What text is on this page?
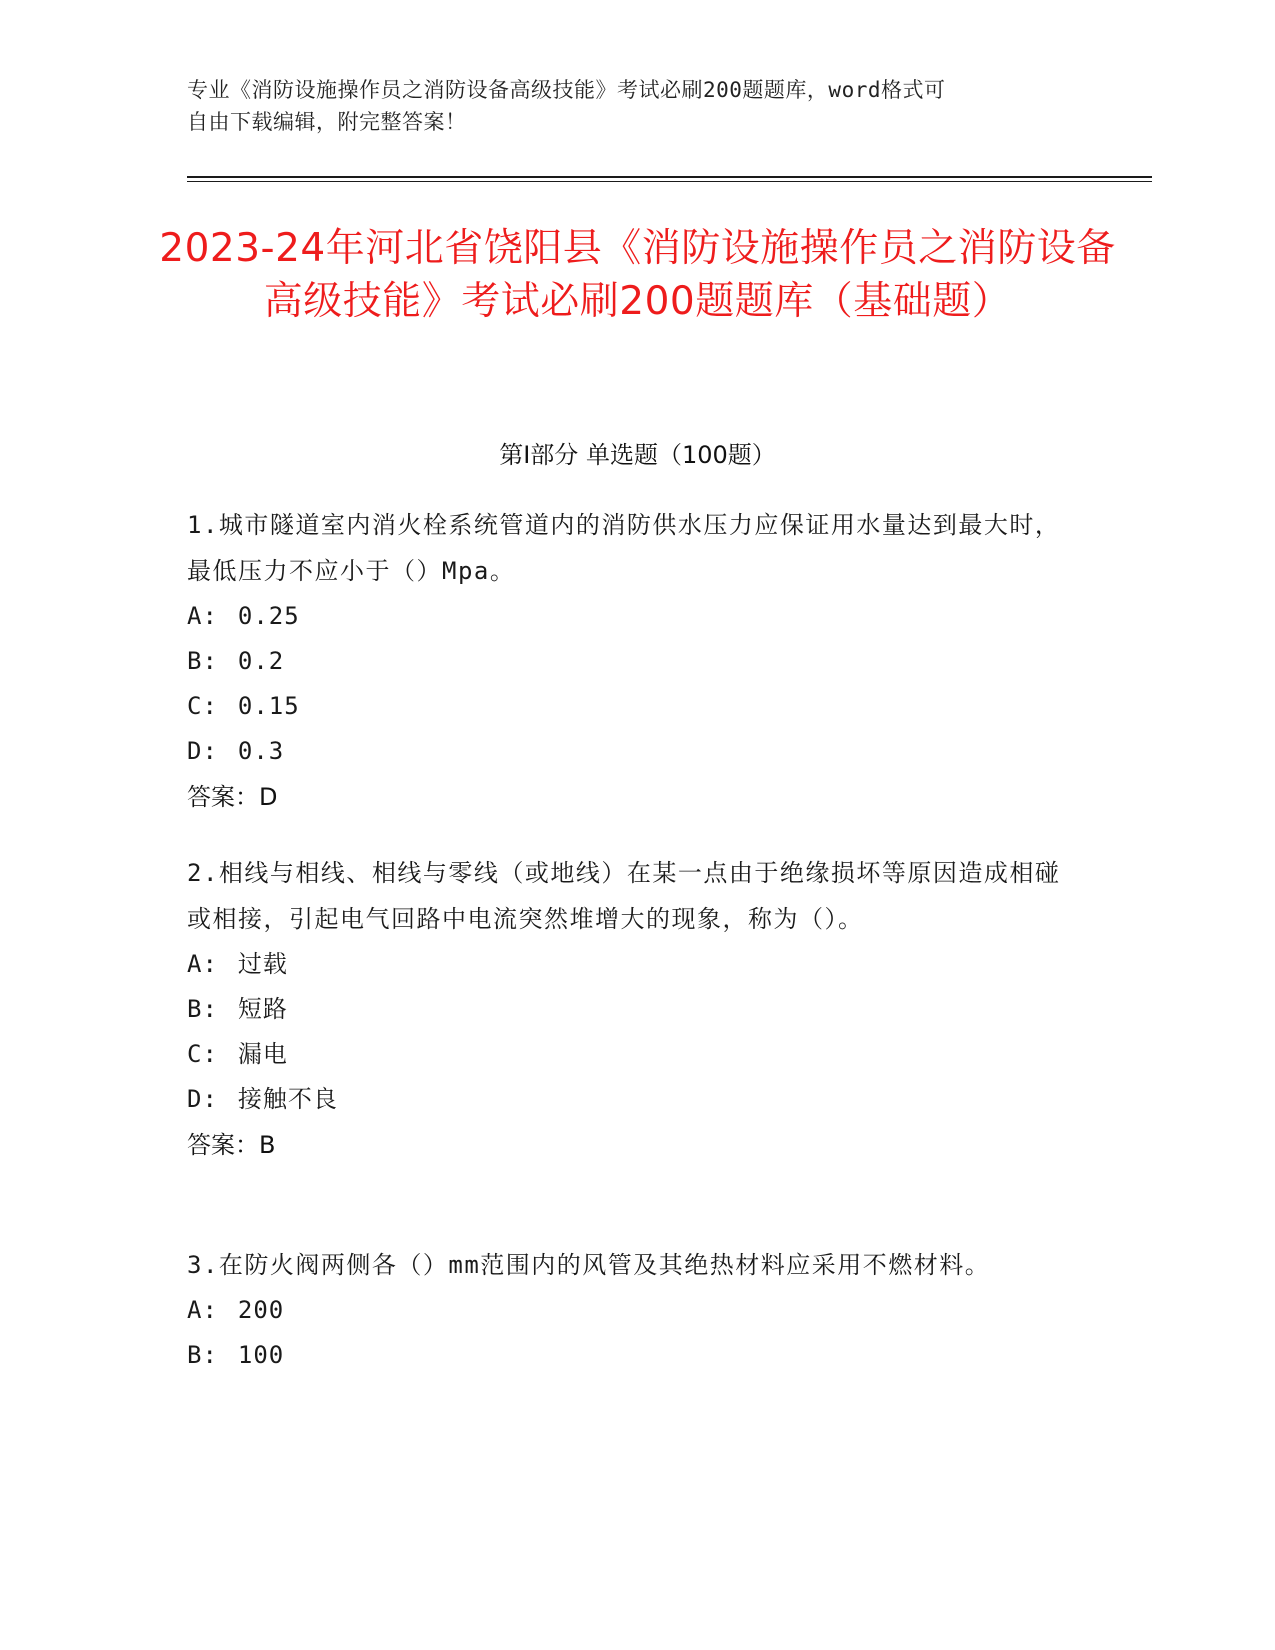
专业《消防设施操作员之消防设备高级技能》考试必刷200题题库，word格式可
自由下载编辑，附完整答案！
2023-24年河北省饶阳县《消防设施操作员之消防设备高级技能》考试必刷200题题库（基础题）
第I部分 单选题（100题）

1.城市隧道室内消火栓系统管道内的消防供水压力应保证用水量达到最大时，最低压力不应小于（）Mpa。

A: 0.25
B: 0.2
C: 0.15
D: 0.3
答案：D

2.相线与相线、相线与零线（或地线）在某一点由于绝缘损坏等原因造成相碰或相接，引起电气回路中电流突然堆增大的现象，称为（）。

A: 过载
B: 短路
C: 漏电
D: 接触不良
答案：B

3.在防火阀两侧各（）mm范围内的风管及其绝热材料应采用不燃材料。

A: 200
B: 100
